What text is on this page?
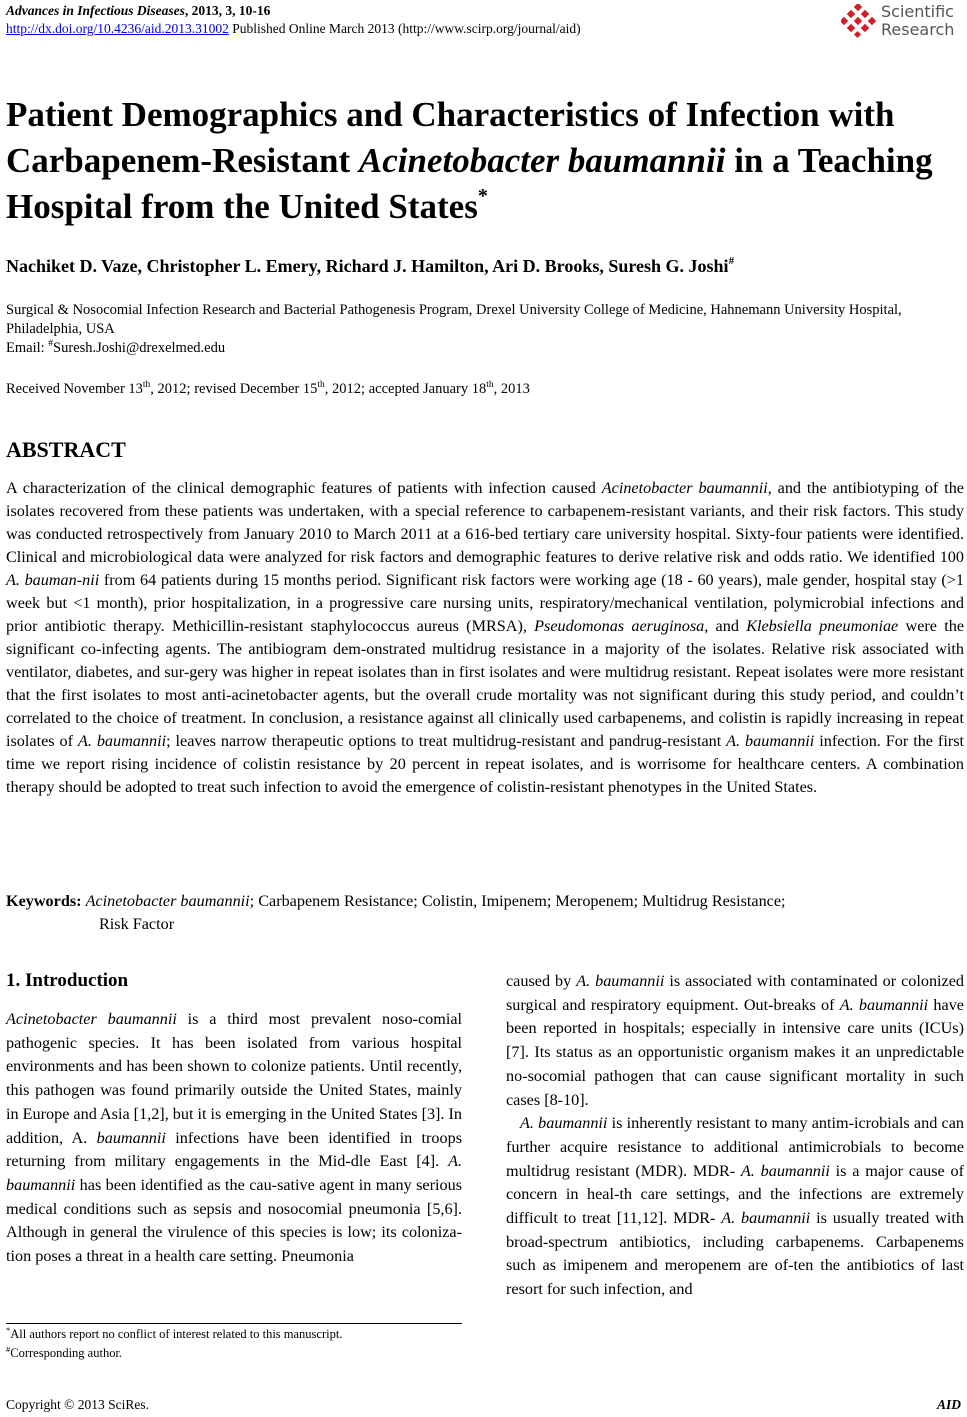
Advances in Infectious Diseases, 2013, 3, 10-16
http://dx.doi.org/10.4236/aid.2013.31002 Published Online March 2013 (http://www.scirp.org/journal/aid)
Scientific
Research
Patient Demographics and Characteristics of Infection with Carbapenem-Resistant Acinetobacter baumannii in a Teaching Hospital from the United States*
Nachiket D. Vaze, Christopher L. Emery, Richard J. Hamilton, Ari D. Brooks, Suresh G. Joshi#
Surgical & Nosocomial Infection Research and Bacterial Pathogenesis Program, Drexel University College of Medicine, Hahnemann University Hospital, Philadelphia, USA
Email: #Suresh.Joshi@drexelmed.edu
Received November 13th, 2012; revised December 15th, 2012; accepted January 18th, 2013
ABSTRACT
A characterization of the clinical demographic features of patients with infection caused Acinetobacter baumannii, and the antibiotyping of the isolates recovered from these patients was undertaken, with a special reference to carbapenem-resistant variants, and their risk factors. This study was conducted retrospectively from January 2010 to March 2011 at a 616-bed tertiary care university hospital. Sixty-four patients were identified. Clinical and microbiological data were analyzed for risk factors and demographic features to derive relative risk and odds ratio. We identified 100 A. bauman-nii from 64 patients during 15 months period. Significant risk factors were working age (18 - 60 years), male gender, hospital stay (>1 week but <1 month), prior hospitalization, in a progressive care nursing units, respiratory/mechanical ventilation, polymicrobial infections and prior antibiotic therapy. Methicillin-resistant staphylococcus aureus (MRSA), Pseudomonas aeruginosa, and Klebsiella pneumoniae were the significant co-infecting agents. The antibiogram dem-onstrated multidrug resistance in a majority of the isolates. Relative risk associated with ventilator, diabetes, and sur-gery was higher in repeat isolates than in first isolates and were multidrug resistant. Repeat isolates were more resistant that the first isolates to most anti-acinetobacter agents, but the overall crude mortality was not significant during this study period, and couldn’t correlated to the choice of treatment. In conclusion, a resistance against all clinically used carbapenems, and colistin is rapidly increasing in repeat isolates of A. baumannii; leaves narrow therapeutic options to treat multidrug-resistant and pandrug-resistant A. baumannii infection. For the first time we report rising incidence of colistin resistance by 20 percent in repeat isolates, and is worrisome for healthcare centers. A combination therapy should be adopted to treat such infection to avoid the emergence of colistin-resistant phenotypes in the United States.
Keywords: Acinetobacter baumannii; Carbapenem Resistance; Colistin, Imipenem; Meropenem; Multidrug Resistance;
Risk Factor
1. Introduction

Acinetobacter baumannii is a third most prevalent noso-comial pathogenic species. It has been isolated from various hospital environments and has been shown to colonize patients. Until recently, this pathogen was found primarily outside the United States, mainly in Europe and Asia [1,2], but it is emerging in the United States [3]. In addition, A. baumannii infections have been identified in troops returning from military engagements in the Mid-dle East [4]. A. baumannii has been identified as the cau-sative agent in many serious medical conditions such as sepsis and nosocomial pneumonia [5,6]. Although in general the virulence of this species is low; its coloniza-tion poses a threat in a health care setting. Pneumonia

caused by A. baumannii is associated with contaminated or colonized surgical and respiratory equipment. Out-breaks of A. baumannii have been reported in hospitals; especially in intensive care units (ICUs) [7]. Its status as an opportunistic organism makes it an unpredictable no-socomial pathogen that can cause significant mortality in such cases [8-10].

A. baumannii is inherently resistant to many antim-icrobials and can further acquire resistance to additional antimicrobials to become multidrug resistant (MDR). MDR- A. baumannii is a major cause of concern in heal-th care settings, and the infections are extremely difficult to treat [11,12]. MDR- A. baumannii is usually treated with broad-spectrum antibiotics, including carbapenems. Carbapenems such as imipenem and meropenem are of-ten the antibiotics of last resort for such infection, and

*All authors report no conflict of interest related to this manuscript.
#Corresponding author.
Copyright © 2013 SciRes.	AID
